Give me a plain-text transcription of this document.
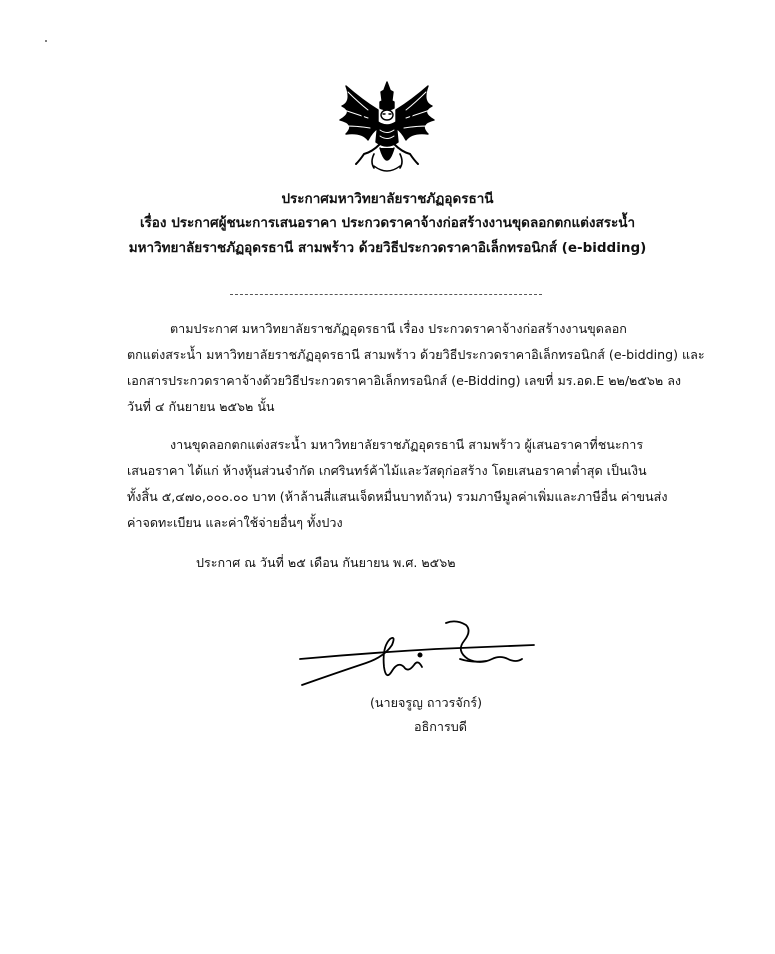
ประกาศมหาวิทยาลัยราชภัฏอุดรธานี
เรื่อง ประกาศผู้ชนะการเสนอราคา ประกวดราคาจ้างก่อสร้างงานขุดลอกตกแต่งสระน้ำ
มหาวิทยาลัยราชภัฏอุดรธานี สามพร้าว ด้วยวิธีประกวดราคาอิเล็กทรอนิกส์ (e-bidding)
ตามประกาศ มหาวิทยาลัยราชภัฏอุดรธานี เรื่อง ประกวดราคาจ้างก่อสร้างงานขุดลอก
ตกแต่งสระน้ำ มหาวิทยาลัยราชภัฏอุดรธานี สามพร้าว ด้วยวิธีประกวดราคาอิเล็กทรอนิกส์ (e-bidding) และ
เอกสารประกวดราคาจ้างด้วยวิธีประกวดราคาอิเล็กทรอนิกส์ (e-Bidding) เลขที่ มร.อด.E ๒๒/๒๕๖๒ ลง
วันที่ ๔ กันยายน ๒๕๖๒ นั้น
งานขุดลอกตกแต่งสระน้ำ มหาวิทยาลัยราชภัฏอุดรธานี สามพร้าว ผู้เสนอราคาที่ชนะการ
เสนอราคา ได้แก่ ห้างหุ้นส่วนจำกัด เกศรินทร์ค้าไม้และวัสดุก่อสร้าง โดยเสนอราคาต่ำสุด เป็นเงิน
ทั้งสิ้น ๕,๔๗๐,๐๐๐.๐๐ บาท (ห้าล้านสี่แสนเจ็ดหมื่นบาทถ้วน) รวมภาษีมูลค่าเพิ่มและภาษีอื่น ค่าขนส่ง
ค่าจดทะเบียน และค่าใช้จ่ายอื่นๆ ทั้งปวง
ประกาศ ณ วันที่ ๒๕ เดือน กันยายน พ.ศ. ๒๕๖๒
(นายจรูญ ถาวรจักร์)
อธิการบดี
